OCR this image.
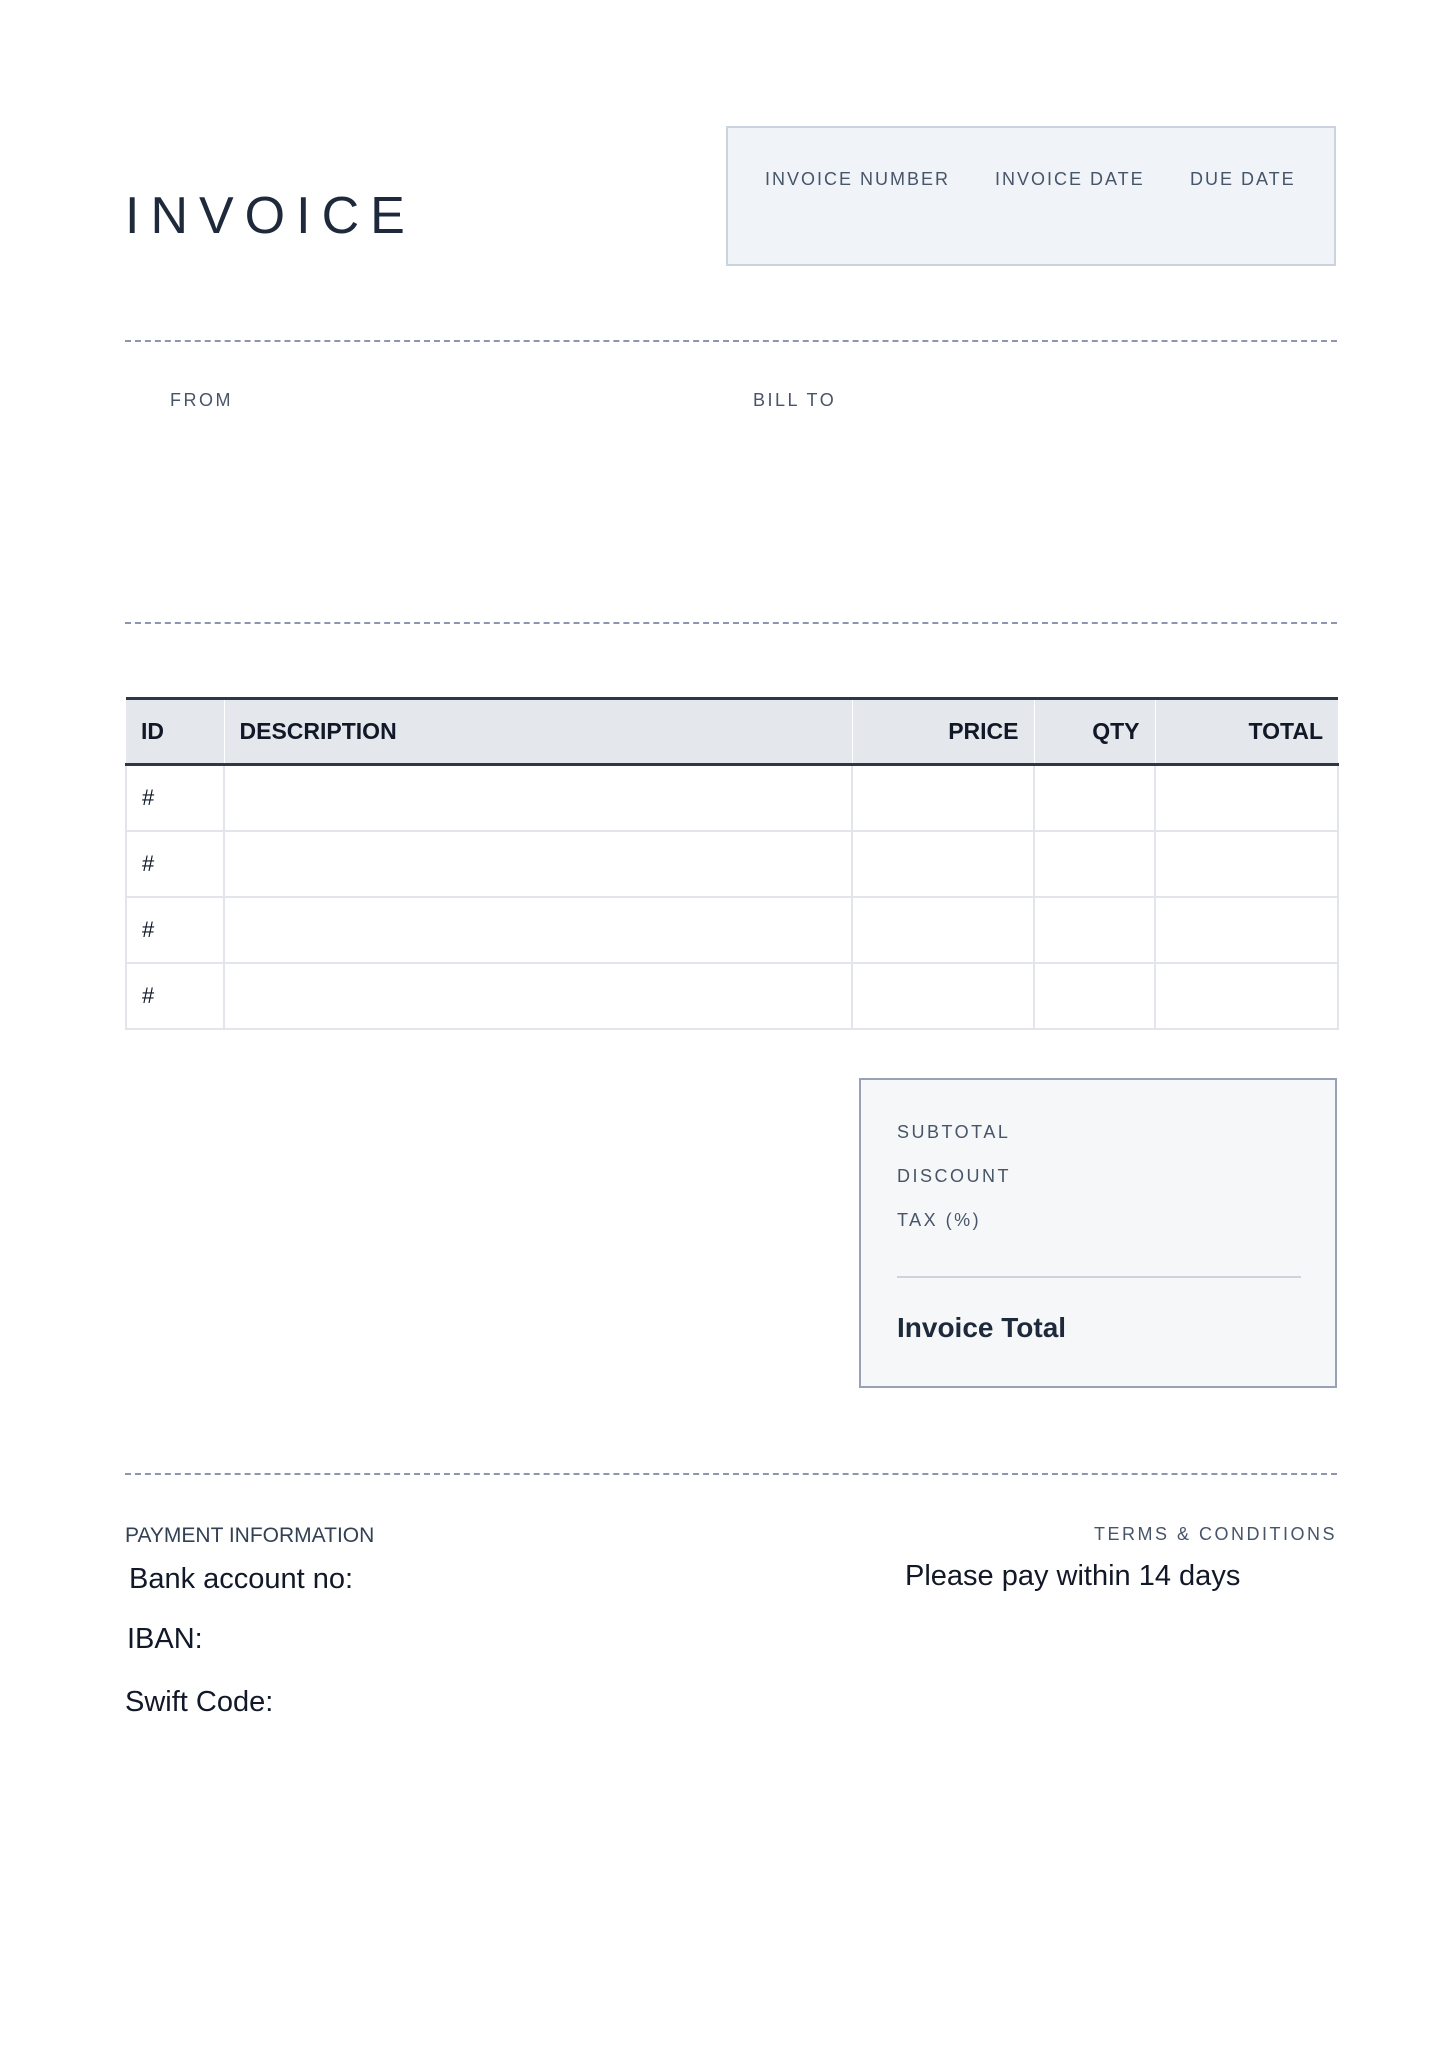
INVOICE
INVOICE NUMBER INVOICE DATE	DUE DATE
FROM	BILL TO
ID	DESCRIPTION	PRICE	QTY	TOTAL
#				
#				
#				
#				
SUBTOTAL
DISCOUNT
TAX (%)
Invoice Total
PAYMENT INFORMATION
Bank account no:
IBAN:
Swift Code:
TERMS & CONDITIONS
Please pay within 14 days
